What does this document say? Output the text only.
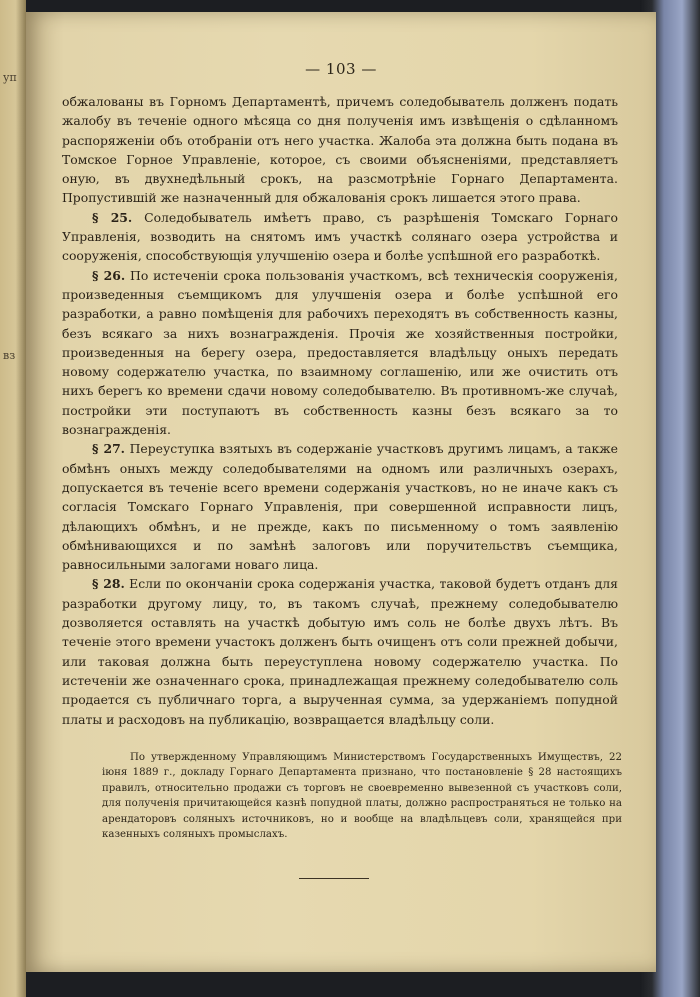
уп
вз
— 103 —

обжалованы въ Горномъ Департаментѣ, причемъ соледобыватель долженъ подать жалобу въ теченіе одного мѣсяца со дня полученія имъ извѣщенія о сдѣланномъ распоряженіи объ отобраніи отъ него участка. Жалоба эта должна быть подана въ Томское Горное Управленіе, которое, съ своими объясненіями, представляетъ оную, въ двухнедѣльный срокъ, на разсмотрѣніе Горнаго Департамента. Пропустившій же назначенный для обжалованія срокъ лишается этого права.

§ 25. Соледобыватель имѣетъ право, съ разрѣшенія Томскаго Горнаго Управленія, возводить на снятомъ имъ участкѣ солянаго озера устройства и сооруженія, способствующія улучшенію озера и болѣе успѣшной его разработкѣ.

§ 26. По истеченіи срока пользованія участкомъ, всѣ техническія сооруженія, произведенныя съемщикомъ для улучшенія озера и болѣе успѣшной его разработки, а равно помѣщенія для рабочихъ переходятъ въ собственность казны, безъ всякаго за нихъ вознагражденія. Прочія же хозяйственныя постройки, произведенныя на берегу озера, предоставляется владѣльцу оныхъ передать новому содержателю участка, по взаимному соглашенію, или же очистить отъ нихъ берегъ ко времени сдачи новому соледобывателю. Въ противномъ-же случаѣ, постройки эти поступаютъ въ собственность казны безъ всякаго за то вознагражденія.

§ 27. Переуступка взятыхъ въ содержаніе участковъ другимъ лицамъ, а также обмѣнъ оныхъ между соледобывателями на одномъ или различныхъ озерахъ, допускается въ теченіе всего времени содержанія участковъ, но не иначе какъ съ согласія Томскаго Горнаго Управленія, при совершенной исправности лицъ, дѣлающихъ обмѣнъ, и не прежде, какъ по письменному о томъ заявленію обмѣнивающихся и по замѣнѣ залоговъ или поручительствъ съемщика, равносильными залогами новаго лица.

§ 28. Если по окончаніи срока содержанія участка, таковой будетъ отданъ для разработки другому лицу, то, въ такомъ случаѣ, прежнему соледобывателю дозволяется оставлять на участкѣ добытую имъ соль не болѣе двухъ лѣтъ. Въ теченіе этого времени участокъ долженъ быть очищенъ отъ соли прежней добычи, или таковая должна быть переуступлена новому содержателю участка. По истеченіи же означеннаго срока, принадлежащая прежнему соледобывателю соль продается съ публичнаго торга, а вырученная сумма, за удержаніемъ попудной платы и расходовъ на публикацію, возвращается владѣльцу соли.

По утвержденному Управляющимъ Министерствомъ Государственныхъ Имуществъ, 22 іюня 1889 г., докладу Горнаго Департамента признано, что постановленіе § 28 настоящихъ правилъ, относительно продажи съ торговъ не своевременно вывезенной съ участковъ соли, для полученія причитающейся казнѣ попудной платы, должно распространяться не только на арендаторовъ соляныхъ источниковъ, но и вообще на владѣльцевъ соли, хранящейся при казенныхъ соляныхъ промыслахъ.
